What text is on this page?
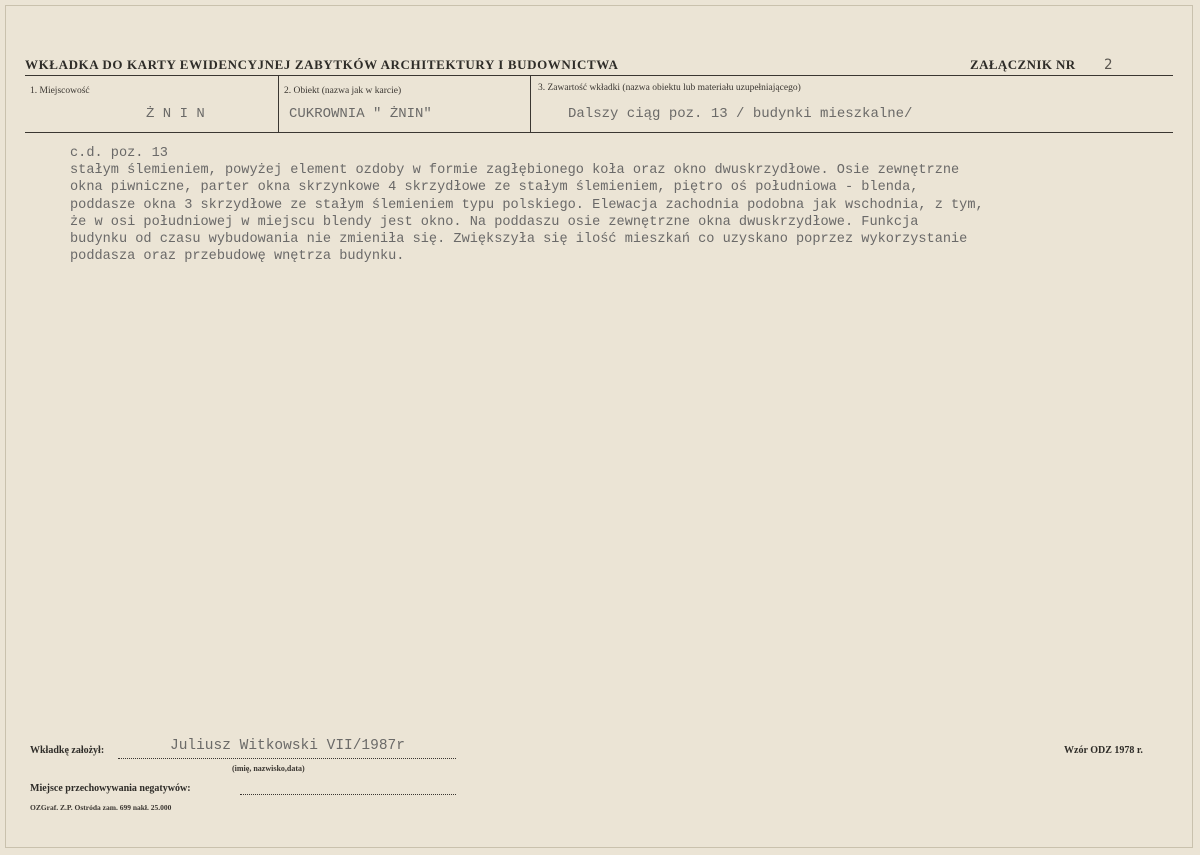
WKŁADKA DO KARTY EWIDENCYJNEJ ZABYTKÓW ARCHITEKTURY I BUDOWNICTWA	ZAŁĄCZNIK NR 2
1. Miejscowość
Ż N I N
2. Obiekt (nazwa jak w karcie)
CUKROWNIA " ŻNIN"
3. Zawartość wkładki (nazwa obiektu lub materiału uzupełniającego)
Dalszy ciąg poz. 13 / budynki mieszkalne/
c.d. poz. 13
stałym ślemieniem, powyżej element ozdoby w formie zagłębionego koła oraz okno dwuskrzydłowe. Osie zewnętrzne
okna piwniczne, parter okna skrzynkowe 4 skrzydłowe ze stałym ślemieniem, piętro oś południowa - blenda,
poddasze okna 3 skrzydłowe ze stałym ślemieniem typu polskiego. Elewacja zachodnia podobna jak wschodnia, z tym,
że w osi południowej w miejscu blendy jest okno. Na poddaszu osie zewnętrzne okna dwuskrzydłowe. Funkcja
budynku od czasu wybudowania nie zmieniła się. Zwiększyła się ilość mieszkań co uzyskano poprzez wykorzystanie
poddasza oraz przebudowę wnętrza budynku.
Wkładkę założył:	Juliusz Witkowski VII/1987r
(imię, nazwisko,data)
Miejsce przechowywania negatywów:
OZGraf. Z.P. Ostróda zam. 699 nakł. 25.000
Wzór ODZ 1978 r.
